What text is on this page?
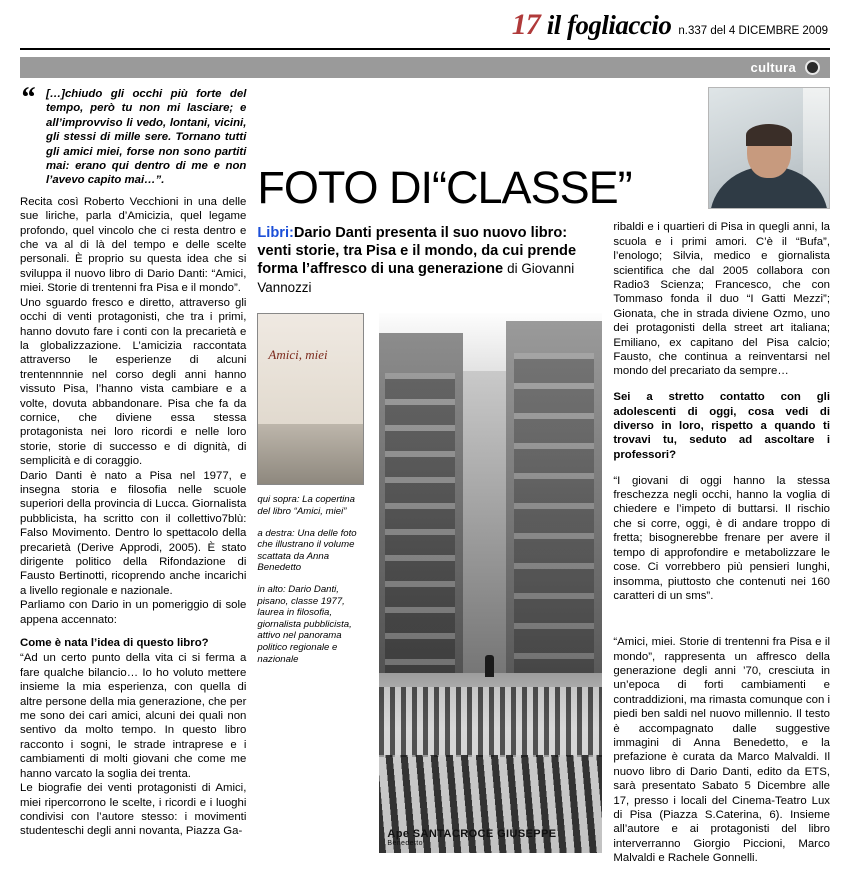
17 il fogliaccio n.337 del 4 DICEMBRE 2009
cultura
“ […]chiudo gli occhi più forte del tempo, però tu non mi lasciare; e all’improvviso li vedo, lontani, vicini, gli stessi di mille sere. Tornano tutti gli amici miei, forse non sono partiti mai: erano qui dentro di me e non l’avevo capito mai…”.

Recita così Roberto Vecchioni in una delle sue liriche, parla d’Amicizia, quel legame profondo, quel vincolo che ci resta dentro e che va al di là del tempo e delle scelte personali. È proprio su questa idea che si sviluppa il nuovo libro di Dario Danti: “Amici, miei. Storie di trentenni fra Pisa e il mondo”.

Uno sguardo fresco e diretto, attraverso gli occhi di venti protagonisti, che tra i primi, hanno dovuto fare i conti con la precarietà e la globalizzazione. L’amicizia raccontata attraverso le esperienze di alcuni trentennnnie nel corso degli anni hanno vissuto Pisa, l’hanno vista cambiare e a volte, dovuta abbandonare. Pisa che fa da cornice, che diviene essa stessa protagonista nei loro ricordi e nelle loro storie, storie di successo e di dignità, di semplicità e di coraggio.

Dario Danti è nato a Pisa nel 1977, e insegna storia e filosofia nelle scuole superiori della provincia di Lucca. Giornalista pubblicista, ha scritto con il collettivo7blù: Falso Movimento. Dentro lo spettacolo della precarietà (Derive Approdi, 2005). È stato dirigente politico della Rifondazione di Fausto Bertinotti, ricoprendo anche incarichi a livello regionale e nazionale.

Parliamo con Dario in un pomeriggio di sole appena accennato:

Come è nata l’idea di questo libro?

“Ad un certo punto della vita ci si ferma a fare qualche bilancio… Io ho voluto mettere insieme la mia esperienza, con quella di altre persone della mia generazione, che per me sono dei cari amici, alcuni dei quali non sentivo da molto tempo. In questo libro racconto i sogni, le strade intraprese e i cambiamenti di molti giovani che come me hanno varcato la soglia dei trenta.

Le biografie dei venti protagonisti di Amici, miei ripercorrono le scelte, i ricordi e i luoghi condivisi con l’autore stesso: i movimenti studenteschi degli anni novanta, Piazza Ga-

FOTO DI“CLASSE”
Libri:Dario Danti presenta il suo nuovo libro: venti storie, tra Pisa e il mondo, da cui prende forma l’affresco di una generazione di Giovanni Vannozzi
Amici, miei
qui sopra: La copertina del libro “Amici, miei”
a destra: Una delle foto che illustrano il volume scattata da Anna Benedetto
in alto: Dario Danti, pisano, classe 1977, laurea in filosofia, giornalista pubblicista, attivo nel panorama politico regionale e nazionale
Ape SANTACROCE GIUSEPPE
Benedetto

ribaldi e i quartieri di Pisa in quegli anni, la scuola e i primi amori. C’è il “Bufa”, l’enologo; Silvia, medico e giornalista scientifica che dal 2005 collabora con Radio3 Scienza; Francesco, che con Tommaso fonda il duo “I Gatti Mezzi”; Gionata, che in strada diviene Ozmo, uno dei protagonisti della street art italiana; Emiliano, ex capitano del Pisa calcio; Fausto, che continua a reinventarsi nel mondo del precariato da sempre…

Sei a stretto contatto con gli adolescenti di oggi, cosa vedi di diverso in loro, rispetto a quando ti trovavi tu, seduto ad ascoltare i professori?

“I giovani di oggi hanno la stessa freschezza negli occhi, hanno la voglia di chiedere e l’impeto di buttarsi. Il rischio che si corre, oggi, è di andare troppo di fretta; bisognerebbe frenare per avere il tempo di approfondire e metabolizzare le cose. Ci vorrebbero più pensieri lunghi, insomma, piuttosto che contenuti nei 160 caratteri di un sms”.

“Amici, miei. Storie di trentenni fra Pisa e il mondo”, rappresenta un affresco della generazione degli anni ’70, cresciuta in un’epoca di forti cambiamenti e contraddizioni, ma rimasta comunque con i piedi ben saldi nel nuovo millennio. Il testo è accompagnato dalle suggestive immagini di Anna Benedetto, e la prefazione è curata da Marco Malvaldi. Il nuovo libro di Dario Danti, edito da ETS, sarà presentato Sabato 5 Dicembre alle 17, presso i locali del Cinema-Teatro Lux di Pisa (Piazza S.Caterina, 6). Insieme all’autore e ai protagonisti del libro interverranno Giorgio Piccioni, Marco Malvaldi e Rachele Gonnelli.
